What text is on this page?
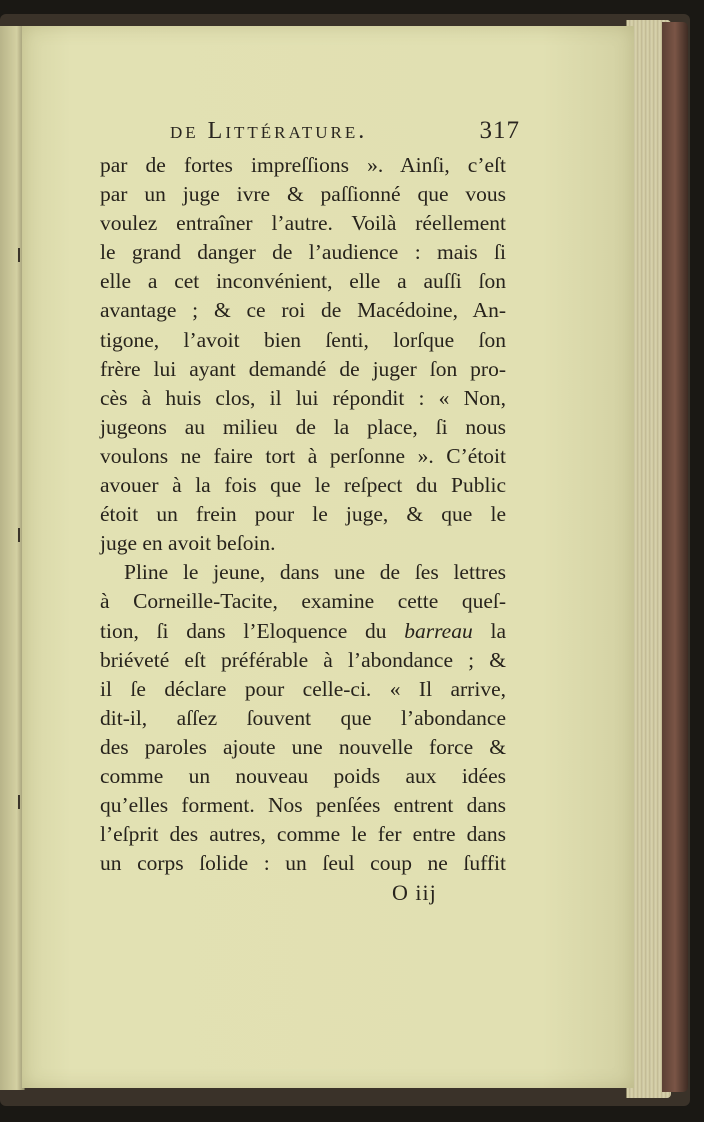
de Littérature.	317
par de fortes impreſſions ». Ainſi, c’eſt
par un juge ivre & paſſionné que vous
voulez entraîner l’autre. Voilà réellement
le grand danger de l’audience : mais ſi
elle a cet inconvénient, elle a auſſi ſon
avantage ; & ce roi de Macédoine, An-
tigone, l’avoit bien ſenti, lorſque ſon
frère lui ayant demandé de juger ſon pro-
cès à huis clos, il lui répondit : « Non,
jugeons au milieu de la place, ſi nous
voulons ne faire tort à perſonne ». C’étoit
avouer à la fois que le reſpect du Public
étoit un frein pour le juge, & que le
juge en avoit beſoin.
Pline le jeune, dans une de ſes lettres
à Corneille-Tacite, examine cette queſ-
tion, ſi dans l’Eloquence du barreau la
briéveté eſt préférable à l’abondance ; &
il ſe déclare pour celle-ci. « Il arrive,
dit-il, aſſez ſouvent que l’abondance
des paroles ajoute une nouvelle force &
comme un nouveau poids aux idées
qu’elles forment. Nos penſées entrent dans
l’eſprit des autres, comme le fer entre dans
un corps ſolide : un ſeul coup ne ſuffit
O iij
